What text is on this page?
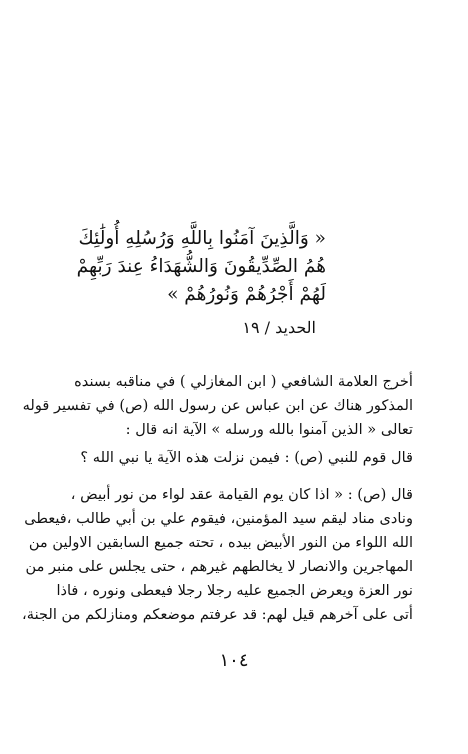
« وَالَّذِينَ آمَنُوا بِاللَّهِ وَرُسُلِهِ أُولَٰئِكَ
هُمُ الصِّدِّيقُونَ وَالشُّهَدَاءُ عِندَ رَبِّهِمْ
لَهُمْ أَجْرُهُمْ وَنُورُهُمْ »
الحديد / ١٩
أخرج العلامة الشافعي ( ابن المغازلي ) في مناقبه بسنده
المذكور هناك عن ابن عباس عن رسول الله (ص) في تفسير قوله
تعالى « الذين آمنوا بالله ورسله » الآية انه قال :
قال قوم للنبي (ص) : فيمن نزلت هذه الآية يا نبي الله ؟
قال (ص) : « اذا كان يوم القيامة عقد لواء من نور أبيض ،
ونادى مناد ليقم سيد المؤمنين، فيقوم علي بن أبي طالب ،فيعطى
الله اللواء من النور الأبيض بيده ، تحته جميع السابقين الاولين من
المهاجرين والانصار لا يخالطهم غيرهم ، حتى يجلس على منبر من
نور العزة ويعرض الجميع عليه رجلا رجلا فيعطى ونوره ، فاذا
أتى على آخرهم قيل لهم: قد عرفتم موضعكم ومنازلكم من الجنة،
١٠٤
